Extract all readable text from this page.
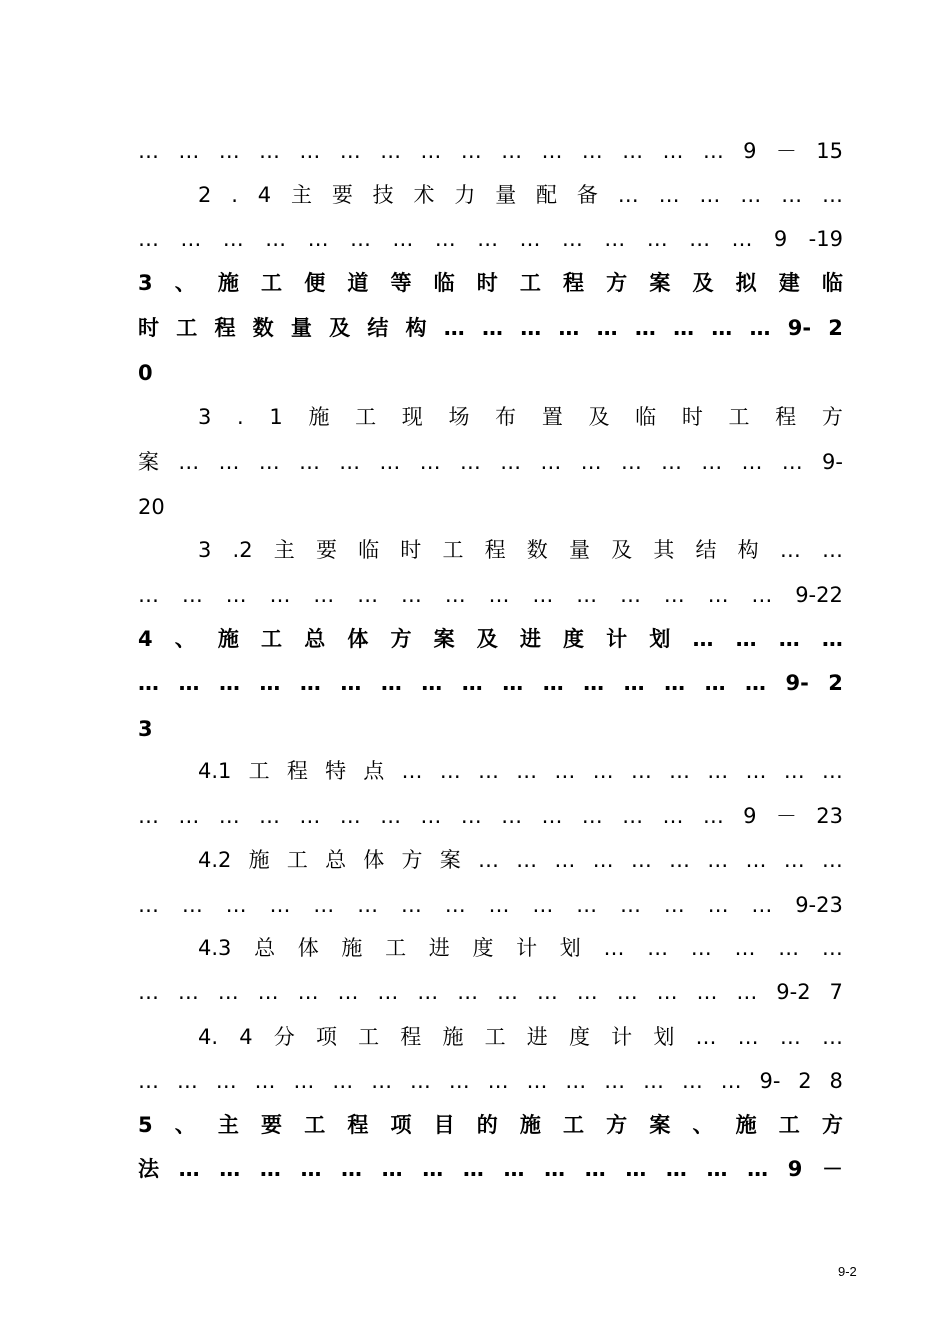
… … … … … … … … … … … … … … … 9 － 15
2 . 4 主 要 技 术 力 量 配 备 … … … … … …
… … … … … … … … … … … … … … … 9 -19
3 、 施 工 便 道 等 临 时 工 程 方 案 及 拟 建 临
时 工 程 数 量 及 结 构 … … … … … … … … … 9- 2
0
3 . 1 施 工 现 场 布 置 及 临 时 工 程 方
案 … … … … … … … … … … … … … … … … 9-
20
3 .2 主 要 临 时 工 程 数 量 及 其 结 构 … …
… … … … … … … … … … … … … … … 9-22
4 、 施 工 总 体 方 案 及 进 度 计 划 … … … …
… … … … … … … … … … … … … … … … 9- 2
3
4.1 工 程 特 点 … … … … … … … … … … … …
… … … … … … … … … … … … … … … 9 － 23
4.2 施 工 总 体 方 案 … … … … … … … … … …
… … … … … … … … … … … … … … … 9-23
4.3 总 体 施 工 进 度 计 划 … … … … … …
… … … … … … … … … … … … … … … … 9-2 7
4. 4 分 项 工 程 施 工 进 度 计 划 … … … …
… … … … … … … … … … … … … … … … 9- 2 8
5 、 主 要 工 程 项 目 的 施 工 方 案 、 施 工 方
法 … … … … … … … … … … … … … … … 9 －
9-2
